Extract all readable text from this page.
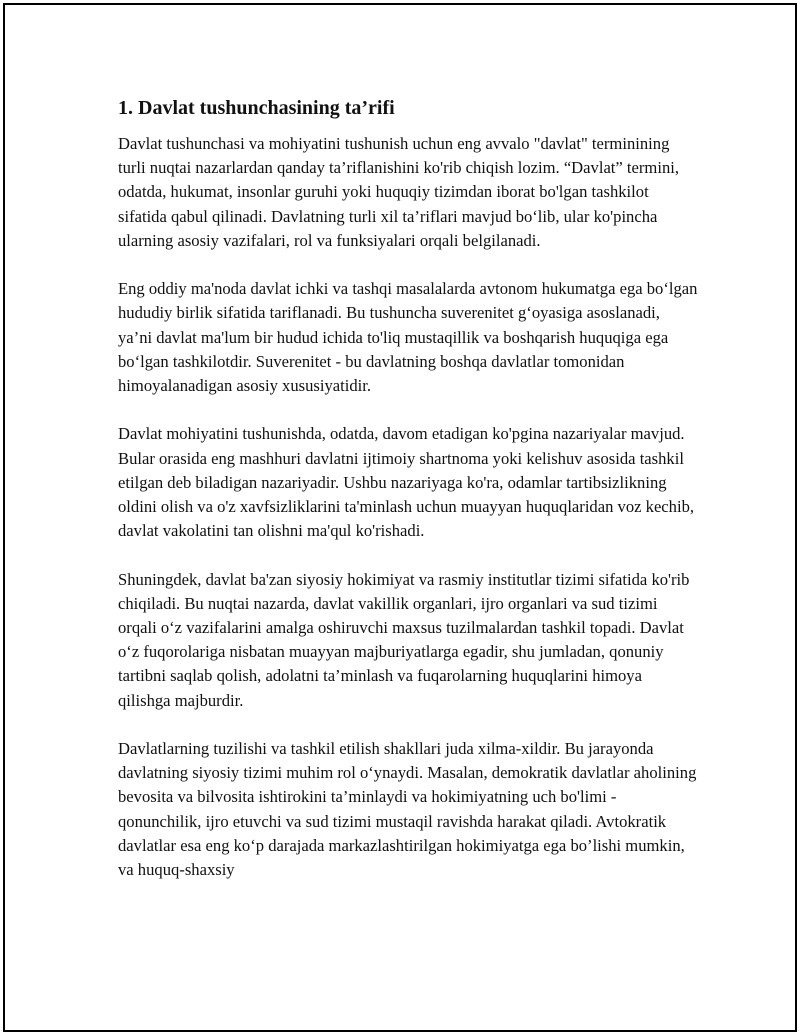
1. Davlat tushunchasining ta’rifi

Davlat tushunchasi va mohiyatini tushunish uchun eng avvalo "davlat" terminining turli nuqtai nazarlardan qanday ta’riflanishini ko'rib chiqish lozim. “Davlat” termini, odatda, hukumat, insonlar guruhi yoki huquqiy tizimdan iborat bo'lgan tashkilot sifatida qabul qilinadi. Davlatning turli xil ta’riflari mavjud bo‘lib, ular ko'pincha ularning asosiy vazifalari, rol va funksiyalari orqali belgilanadi.

Eng oddiy ma'noda davlat ichki va tashqi masalalarda avtonom hukumatga ega bo‘lgan hududiy birlik sifatida tariflanadi. Bu tushuncha suverenitet g‘oyasiga asoslanadi, ya’ni davlat ma'lum bir hudud ichida to'liq mustaqillik va boshqarish huquqiga ega bo‘lgan tashkilotdir. Suverenitet - bu davlatning boshqa davlatlar tomonidan himoyalanadigan asosiy xususiyatidir.

Davlat mohiyatini tushunishda, odatda, davom etadigan ko'pgina nazariyalar mavjud. Bular orasida eng mashhuri davlatni ijtimoiy shartnoma yoki kelishuv asosida tashkil etilgan deb biladigan nazariyadir. Ushbu nazariyaga ko'ra, odamlar tartibsizlikning oldini olish va o'z xavfsizliklarini ta'minlash uchun muayyan huquqlaridan voz kechib, davlat vakolatini tan olishni ma'qul ko'rishadi.

Shuningdek, davlat ba'zan siyosiy hokimiyat va rasmiy institutlar tizimi sifatida ko'rib chiqiladi. Bu nuqtai nazarda, davlat vakillik organlari, ijro organlari va sud tizimi orqali o‘z vazifalarini amalga oshiruvchi maxsus tuzilmalardan tashkil topadi. Davlat o‘z fuqorolariga nisbatan muayyan majburiyatlarga egadir, shu jumladan, qonuniy tartibni saqlab qolish, adolatni ta’minlash va fuqarolarning huquqlarini himoya qilishga majburdir.

Davlatlarning tuzilishi va tashkil etilish shakllari juda xilma-xildir. Bu jarayonda davlatning siyosiy tizimi muhim rol o‘ynaydi. Masalan, demokratik davlatlar aholining bevosita va bilvosita ishtirokini ta’minlaydi va hokimiyatning uch bo'limi - qonunchilik, ijro etuvchi va sud tizimi mustaqil ravishda harakat qiladi. Avtokratik davlatlar esa eng ko‘p darajada markazlashtirilgan hokimiyatga ega bo’lishi mumkin, va huquq-shaxsiy
